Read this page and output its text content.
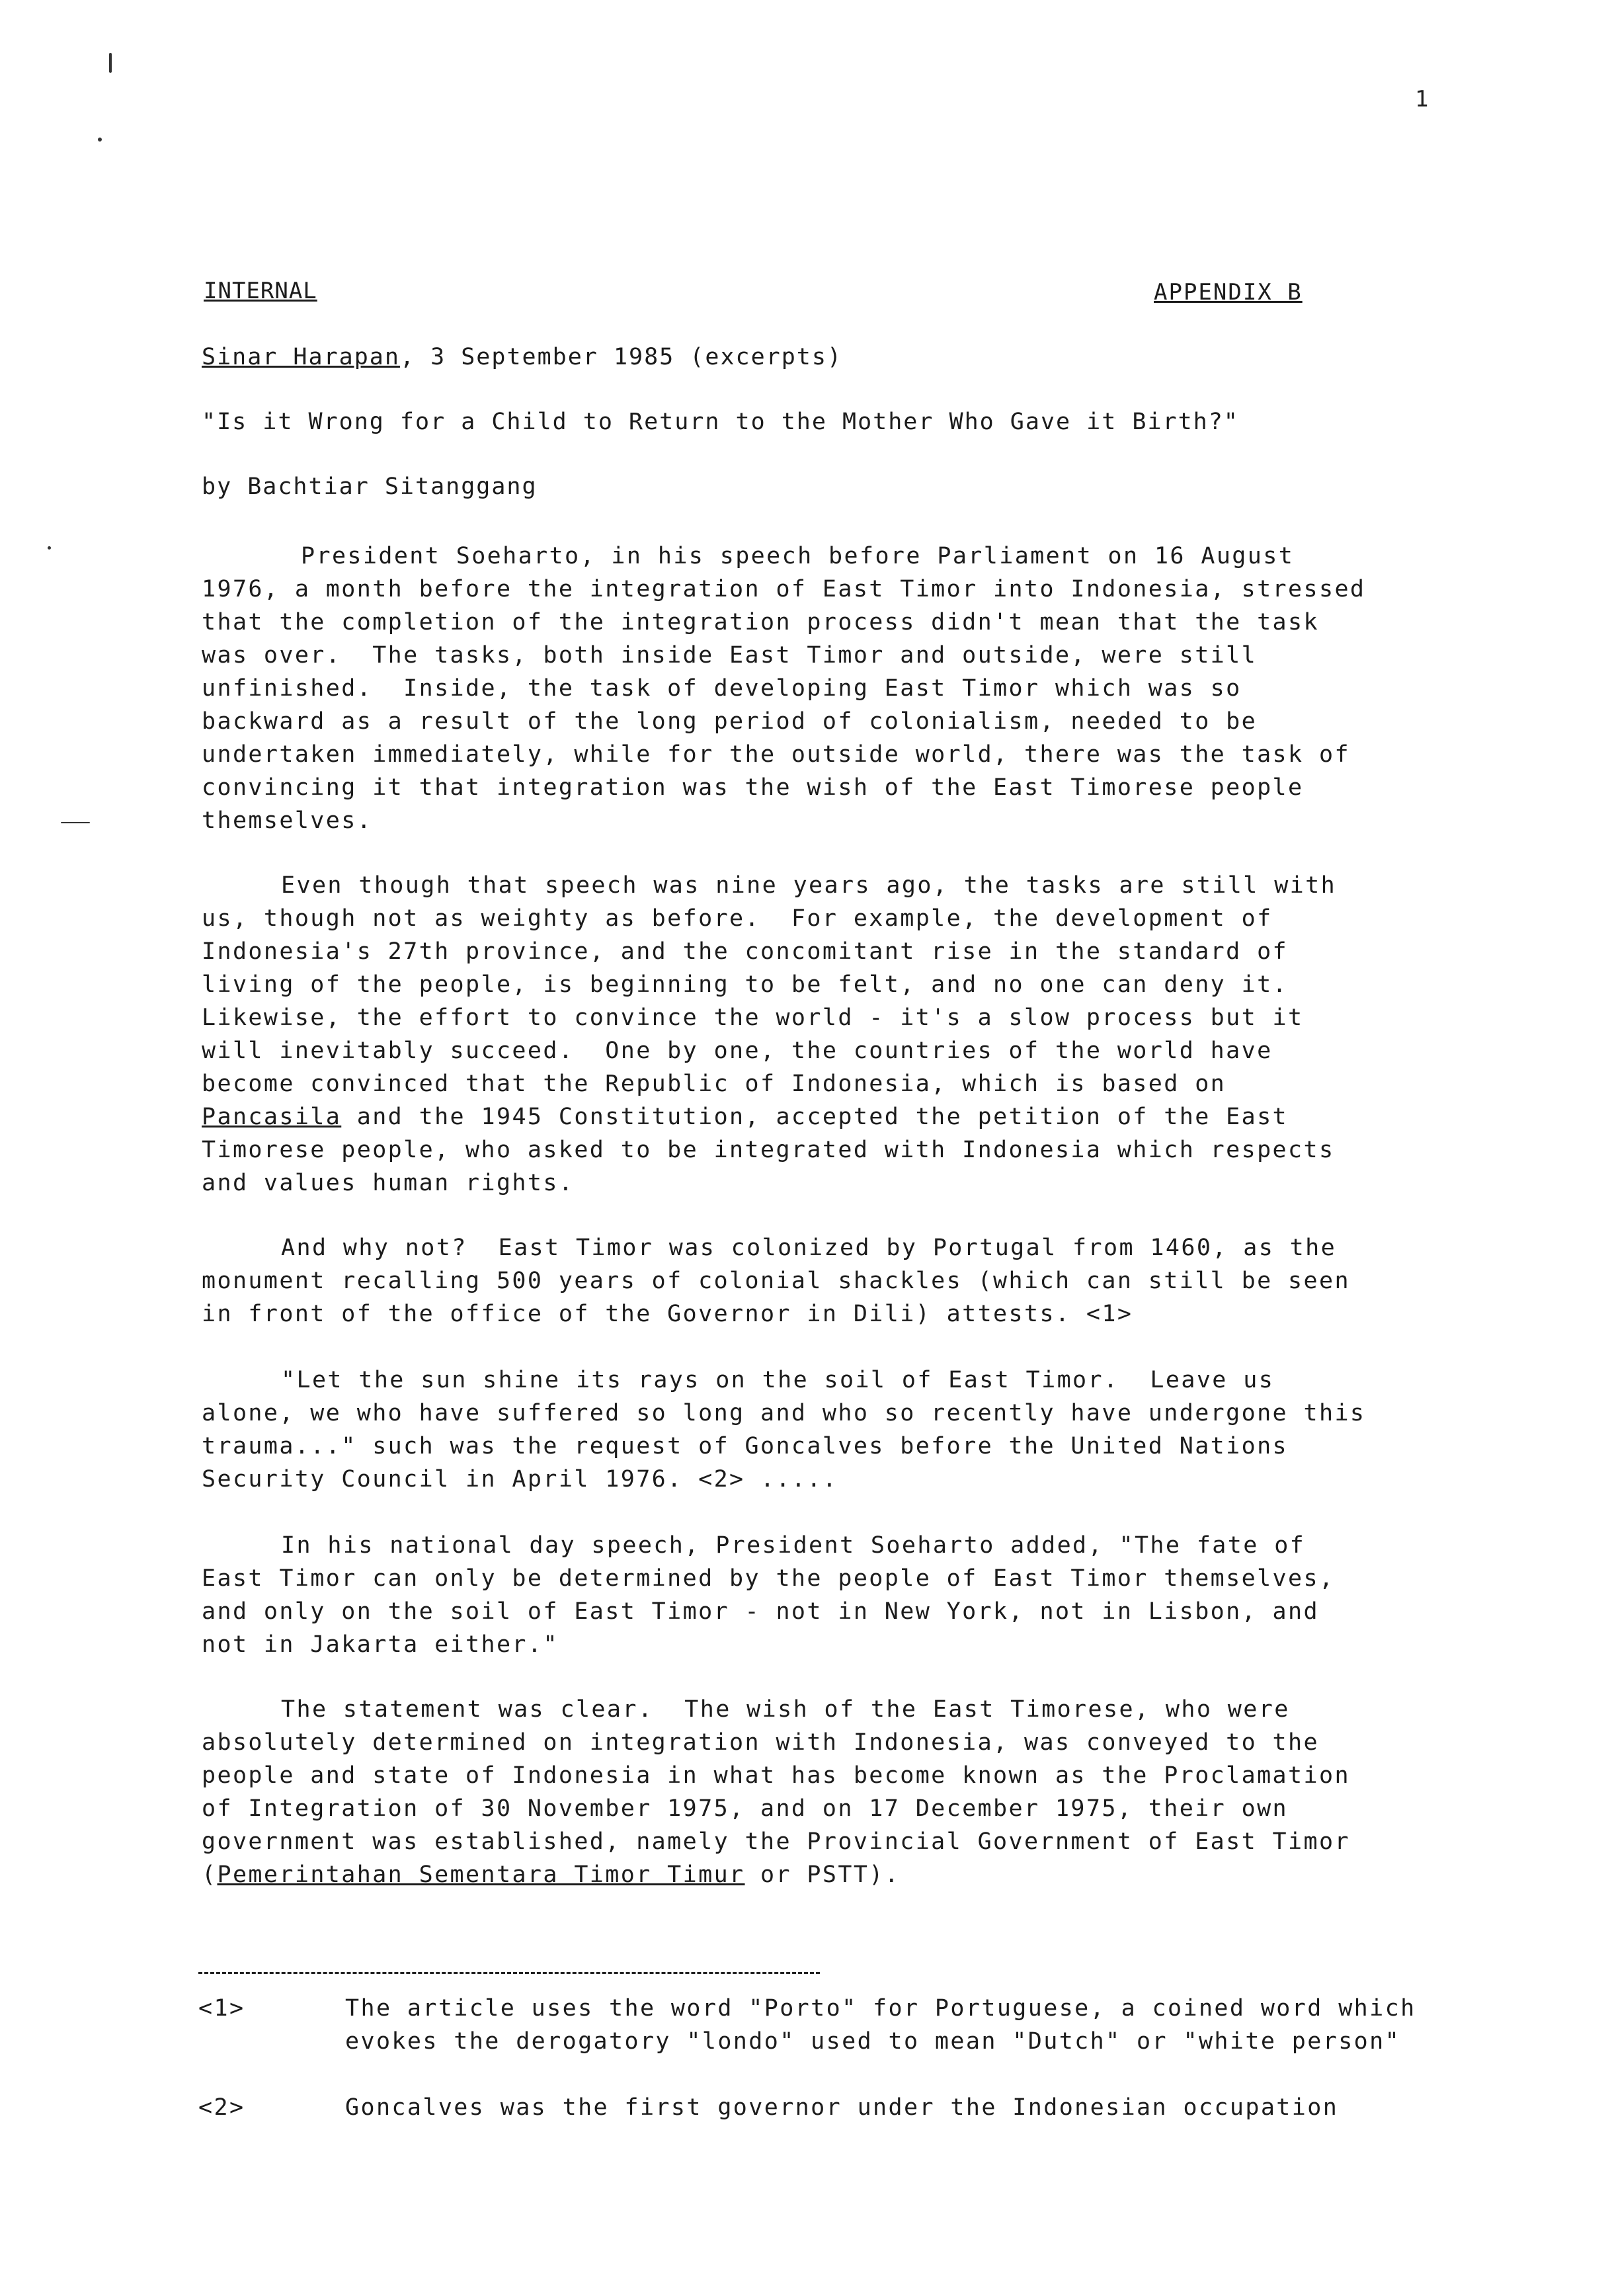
1
INTERNAL	APPENDIX B
Sinar Harapan, 3 September 1985 (excerpts)
"Is it Wrong for a Child to Return to the Mother Who Gave it Birth?"
by Bachtiar Sitanggang

President Soeharto, in his speech before Parliament on 16 August
1976, a month before the integration of East Timor into Indonesia, stressed
that the completion of the integration process didn't mean that the task
was over.  The tasks, both inside East Timor and outside, were still
unfinished.  Inside, the task of developing East Timor which was so
backward as a result of the long period of colonialism, needed to be
undertaken immediately, while for the outside world, there was the task of
convincing it that integration was the wish of the East Timorese people
themselves.

Even though that speech was nine years ago, the tasks are still with
us, though not as weighty as before.  For example, the development of
Indonesia's 27th province, and the concomitant rise in the standard of
living of the people, is beginning to be felt, and no one can deny it.
Likewise, the effort to convince the world - it's a slow process but it
will inevitably succeed.  One by one, the countries of the world have
become convinced that the Republic of Indonesia, which is based on
Pancasila and the 1945 Constitution, accepted the petition of the East
Timorese people, who asked to be integrated with Indonesia which respects
and values human rights.

And why not?  East Timor was colonized by Portugal from 1460, as the
monument recalling 500 years of colonial shackles (which can still be seen
in front of the office of the Governor in Dili) attests. <1>

"Let the sun shine its rays on the soil of East Timor.  Leave us
alone, we who have suffered so long and who so recently have undergone this
trauma..." such was the request of Goncalves before the United Nations
Security Council in April 1976. <2> .....

In his national day speech, President Soeharto added, "The fate of
East Timor can only be determined by the people of East Timor themselves,
and only on the soil of East Timor - not in New York, not in Lisbon, and
not in Jakarta either."

The statement was clear.  The wish of the East Timorese, who were
absolutely determined on integration with Indonesia, was conveyed to the
people and state of Indonesia in what has become known as the Proclamation
of Integration of 30 November 1975, and on 17 December 1975, their own
government was established, namely the Provincial Government of East Timor
(Pemerintahan Sementara Timor Timur or PSTT).

<1>	The article uses the word "Porto" for Portuguese, a coined word which evokes the derogatory "londo" used to mean "Dutch" or "white person"
<2>	Goncalves was the first governor under the Indonesian occupation
